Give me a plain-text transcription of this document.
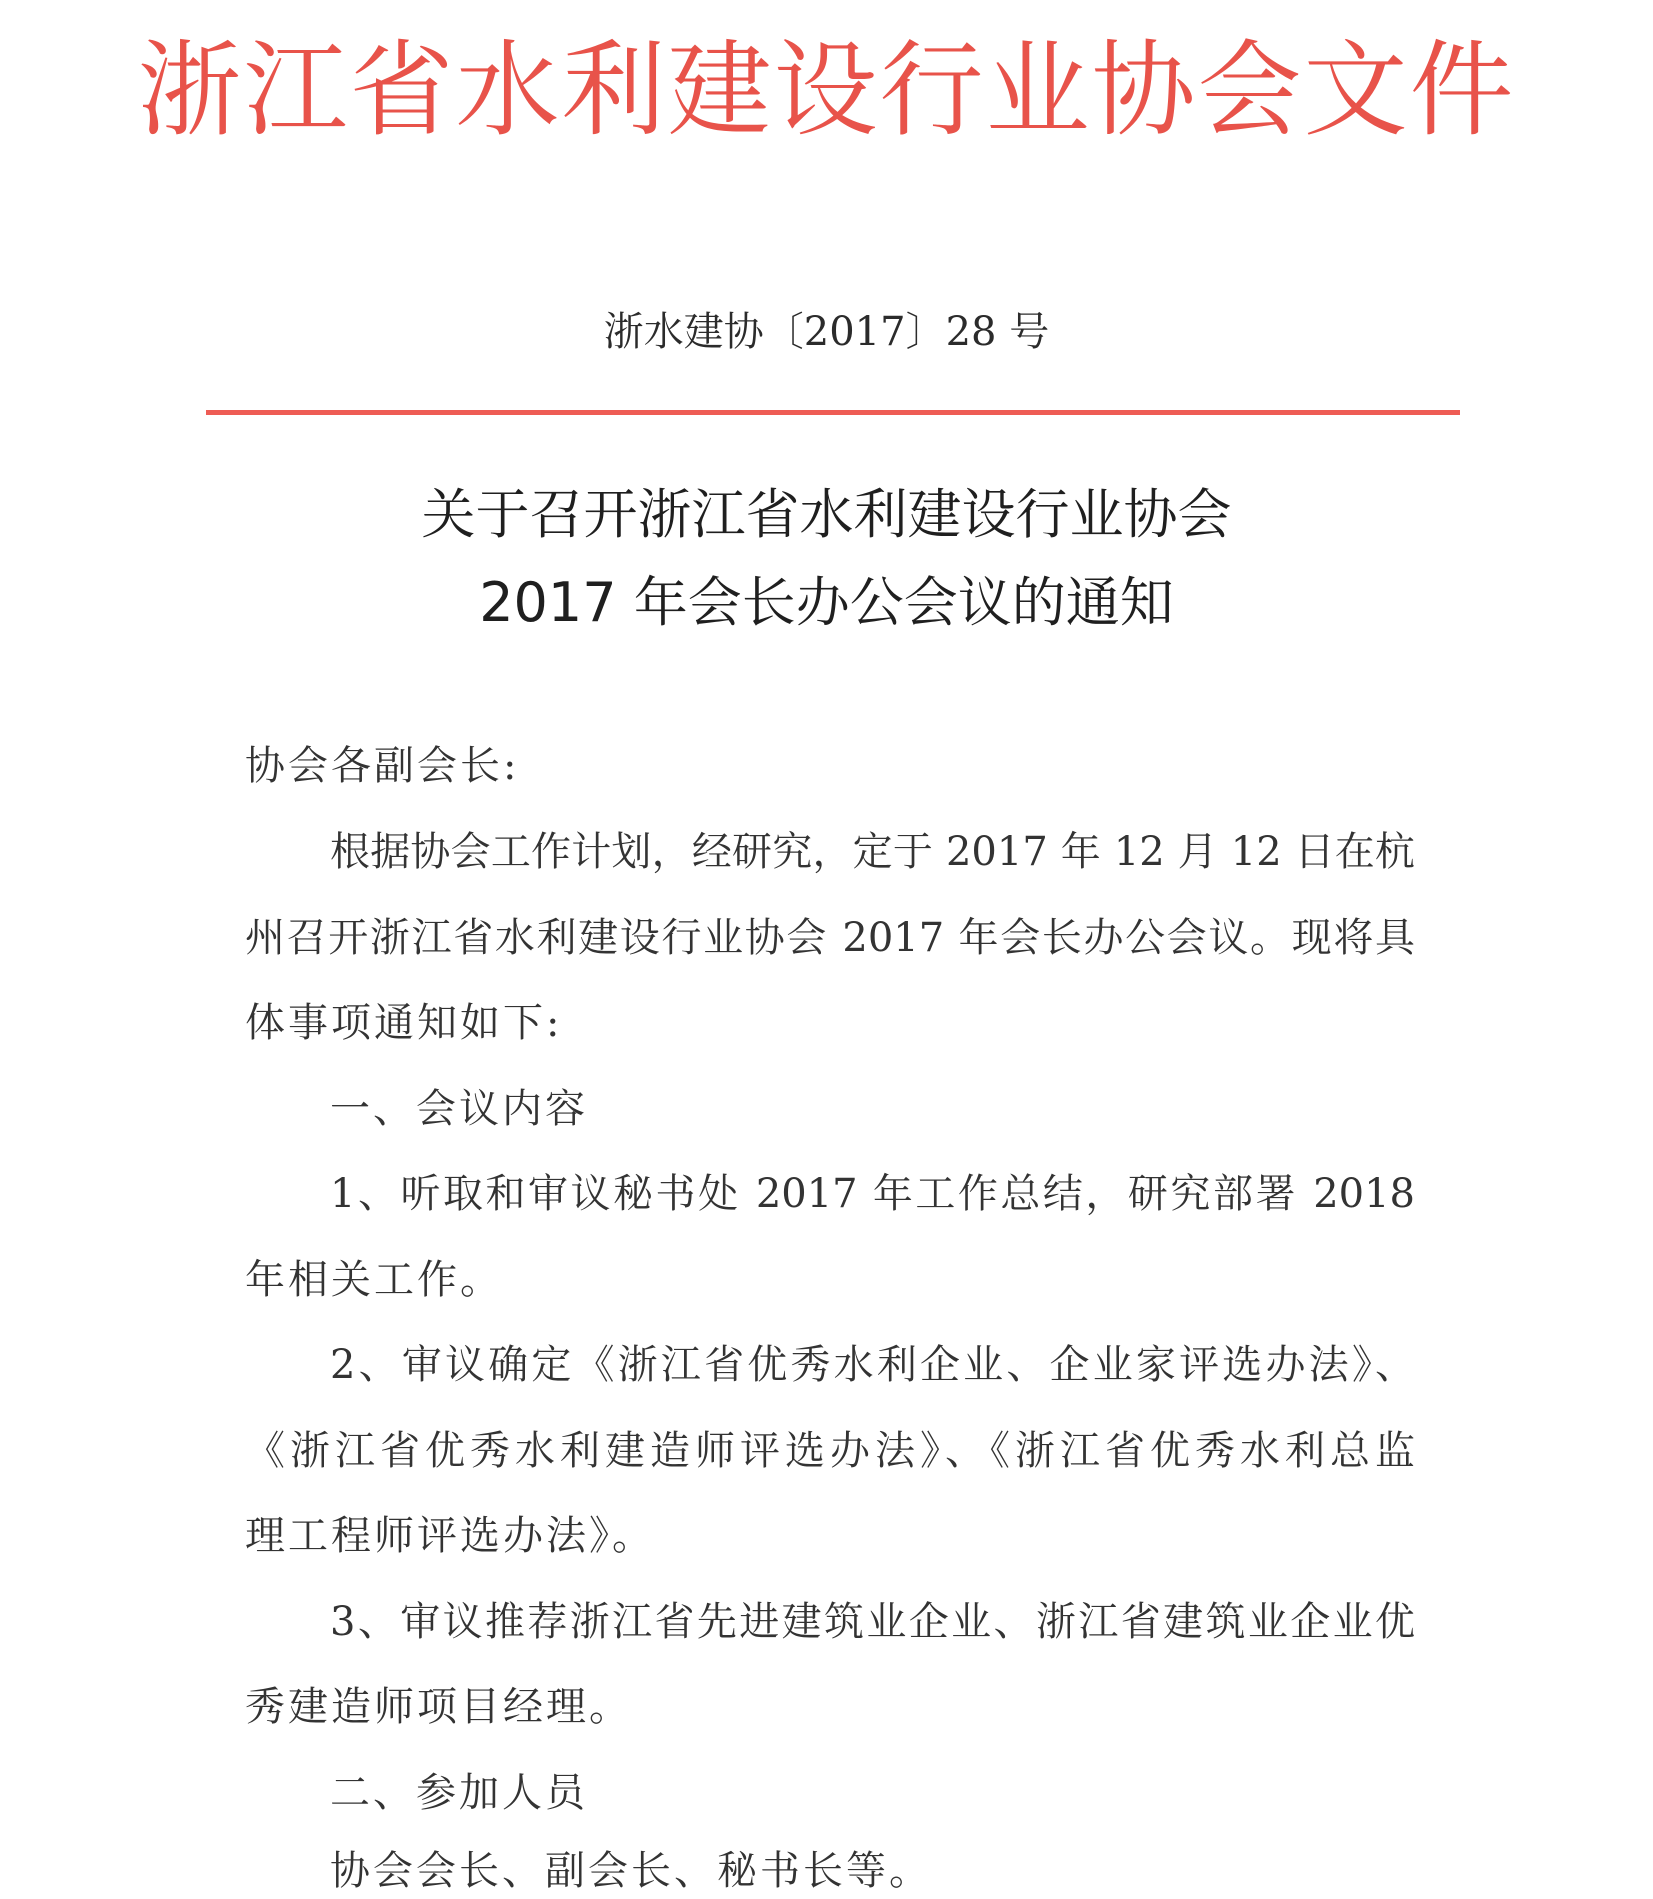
浙江省水利建设行业协会文件
浙水建协〔2017〕28 号
关于召开浙江省水利建设行业协会
2017 年会长办公会议的通知
协会各副会长:
根据协会工作计划，经研究，定于 2017 年 12 月 12 日在杭
州召开浙江省水利建设行业协会 2017 年会长办公会议。现将具
体事项通知如下:
一、会议内容
1、听取和审议秘书处 2017 年工作总结，研究部署 2018
年相关工作。
2、审议确定《浙江省优秀水利企业、企业家评选办法》、
《浙江省优秀水利建造师评选办法》、《浙江省优秀水利总监
理工程师评选办法》。
3、审议推荐浙江省先进建筑业企业、浙江省建筑业企业优
秀建造师项目经理。
二、参加人员
协会会长、副会长、秘书长等。
